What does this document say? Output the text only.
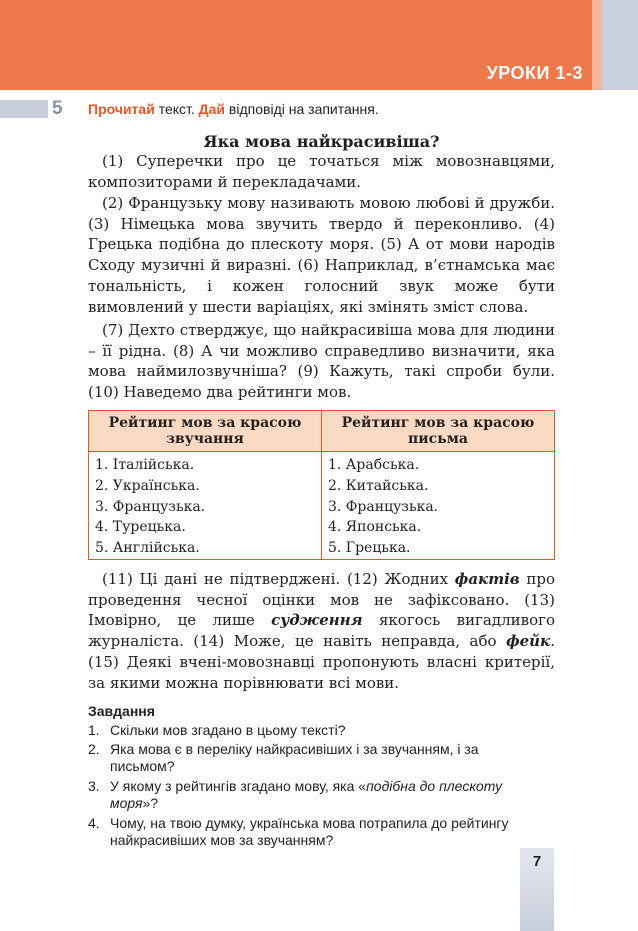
УРОКИ 1-3
5 Прочитай текст. Дай відповіді на запитання.
Яка мова найкрасивіша?

(1) Суперечки про це точаться між мовознавцями, композиторами й перекладачами.

(2) Французьку мову називають мовою любові й дружби. (3) Німецька мова звучить твердо й переконливо. (4) Грецька подібна до плескоту моря. (5) А от мови народів Сходу музичні й виразні. (6) Наприклад, в’єтнамська має тональність, і кожен голосний звук може бути вимовлений у шести варіаціях, які змінять зміст слова.

(7) Дехто стверджує, що найкрасивіша мова для людини – її рідна. (8) А чи можливо справедливо визначити, яка мова наймилозвучніша? (9) Кажуть, такі спроби були. (10) Наведемо два рейтинги мов.

Рейтинг мов за красою звучання
Рейтинг мов за красою письма
1. Італійська.
2. Українська.
3. Французька.
4. Турецька.
5. Англійська.
1. Арабська.
2. Китайська.
3. Французька.
4. Японська.
5. Грецька.

(11) Ці дані не підтверджені. (12) Жодних фактів про проведення чесної оцінки мов не зафіксовано. (13) Імовірно, це лише судження якогось вигадливого журналіста. (14) Може, це навіть неправда, або фейк. (15) Деякі вчені-мовознавці пропонують власні критерії, за якими можна порівнювати всі мови.

Завдання
1. Скільки мов згадано в цьому тексті?
2. Яка мова є в переліку найкрасивіших і за звучанням, і за письмом?
3. У якому з рейтингів згадано мову, яка «подібна до плескоту моря»?
4. Чому, на твою думку, українська мова потрапила до рейтингу найкрасивіших мов за звучанням?
7
